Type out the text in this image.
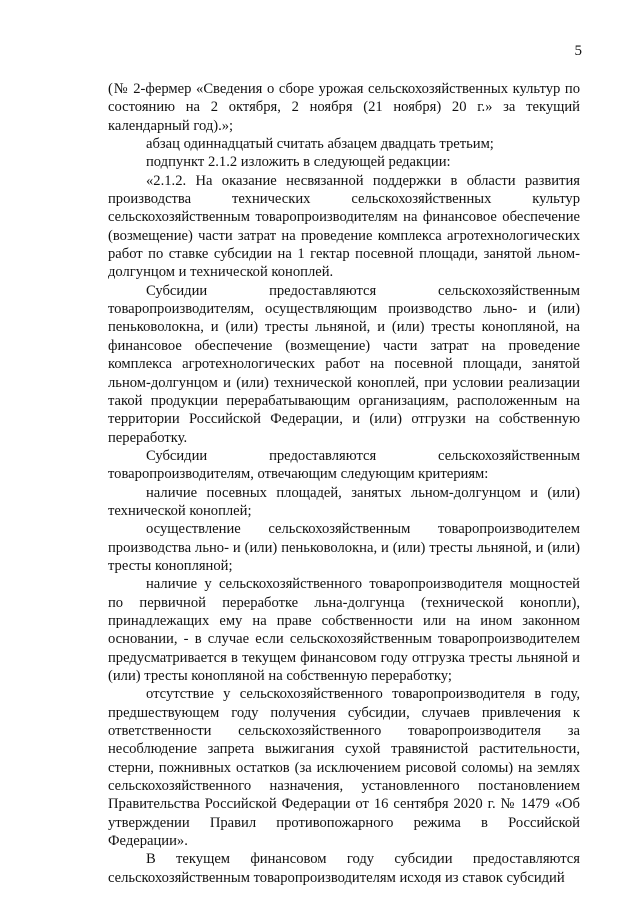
5

(№ 2-фермер «Сведения о сборе урожая сельскохозяйственных культур по состоянию на 2 октября, 2 ноября (21 ноября) 20 г.» за текущий календарный год).»;

абзац одиннадцатый считать абзацем двадцать третьим;

подпункт 2.1.2 изложить в следующей редакции:

«2.1.2. На оказание несвязанной поддержки в области развития производства технических сельскохозяйственных культур сельскохозяйственным товаропроизводителям на финансовое обеспечение (возмещение) части затрат на проведение комплекса агротехнологических работ по ставке субсидии на 1 гектар посевной площади, занятой льном-долгунцом и технической коноплей.

Субсидии предоставляются сельскохозяйственным товаропроизводителям, осуществляющим производство льно- и (или) пеньковолокна, и (или) тресты льняной, и (или) тресты конопляной, на финансовое обеспечение (возмещение) части затрат на проведение комплекса агротехнологических работ на посевной площади, занятой льном-долгунцом и (или) технической коноплей, при условии реализации такой продукции перерабатывающим организациям, расположенным на территории Российской Федерации, и (или) отгрузки на собственную переработку.

Субсидии предоставляются сельскохозяйственным товаропроизводителям, отвечающим следующим критериям:

наличие посевных площадей, занятых льном-долгунцом и (или) технической коноплей;

осуществление сельскохозяйственным товаропроизводителем производства льно- и (или) пеньковолокна, и (или) тресты льняной, и (или) тресты конопляной;

наличие у сельскохозяйственного товаропроизводителя мощностей по первичной переработке льна-долгунца (технической конопли), принадлежащих ему на праве собственности или на ином законном основании, - в случае если сельскохозяйственным товаропроизводителем предусматривается в текущем финансовом году отгрузка тресты льняной и (или) тресты конопляной на собственную переработку;

отсутствие у сельскохозяйственного товаропроизводителя в году, предшествующем году получения субсидии, случаев привлечения к ответственности сельскохозяйственного товаропроизводителя за несоблюдение запрета выжигания сухой травянистой растительности, стерни, пожнивных остатков (за исключением рисовой соломы) на землях сельскохозяйственного назначения, установленного постановлением Правительства Российской Федерации от 16 сентября 2020 г. № 1479 «Об утверждении Правил противопожарного режима в Российской Федерации».

В текущем финансовом году субсидии предоставляются сельскохозяйственным товаропроизводителям исходя из ставок субсидий
